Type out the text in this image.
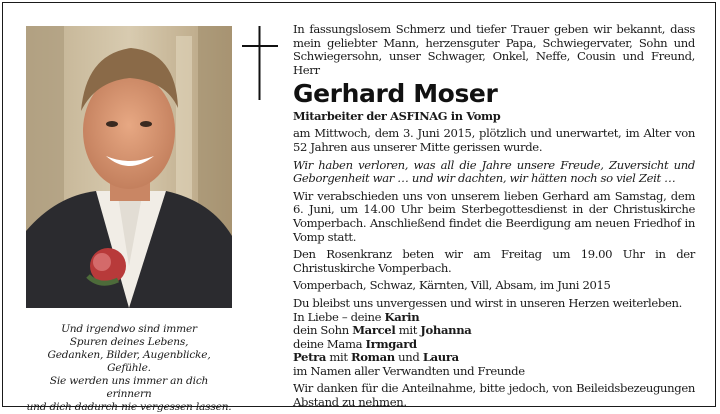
Und irgendwo sind immer
Spuren deines Lebens,
Gedanken, Bilder, Augenblicke, Gefühle.
Sie werden uns immer an dich erinnern
und dich dadurch nie vergessen lassen.

In fassungslosem Schmerz und tiefer Trauer geben wir bekannt, dass mein geliebter Mann, herzensguter Papa, Schwiegervater, Sohn und Schwiegersohn, unser Schwager, Onkel, Neffe, Cousin und Freund, Herr

Gerhard Moser

Mitarbeiter der ASFINAG in Vomp

am Mittwoch, dem 3. Juni 2015, plötzlich und unerwartet, im Alter von 52 Jahren aus unserer Mitte gerissen wurde.

Wir haben verloren, was all die Jahre unsere Freude, Zuversicht und Geborgenheit war … und wir dachten, wir hätten noch so viel Zeit …

Wir verabschieden uns von unserem lieben Gerhard am Samstag, dem 6. Juni, um 14.00 Uhr beim Sterbegottesdienst in der Christuskirche Vomperbach. Anschließend findet die Beerdigung am neuen Friedhof in Vomp statt.

Den Rosenkranz beten wir am Freitag um 19.00 Uhr in der Christuskirche Vomperbach.

Vomperbach, Schwaz, Kärnten, Vill, Absam, im Juni 2015

Du bleibst uns unvergessen und wirst in unseren Herzen weiterleben.

In Liebe – deine Karin

dein Sohn Marcel mit Johanna

deine Mama Irmgard

Petra mit Roman und Laura

im Namen aller Verwandten und Freunde

Wir danken für die Anteilnahme, bitte jedoch, von Beileidsbezeugungen Abstand zu nehmen.
